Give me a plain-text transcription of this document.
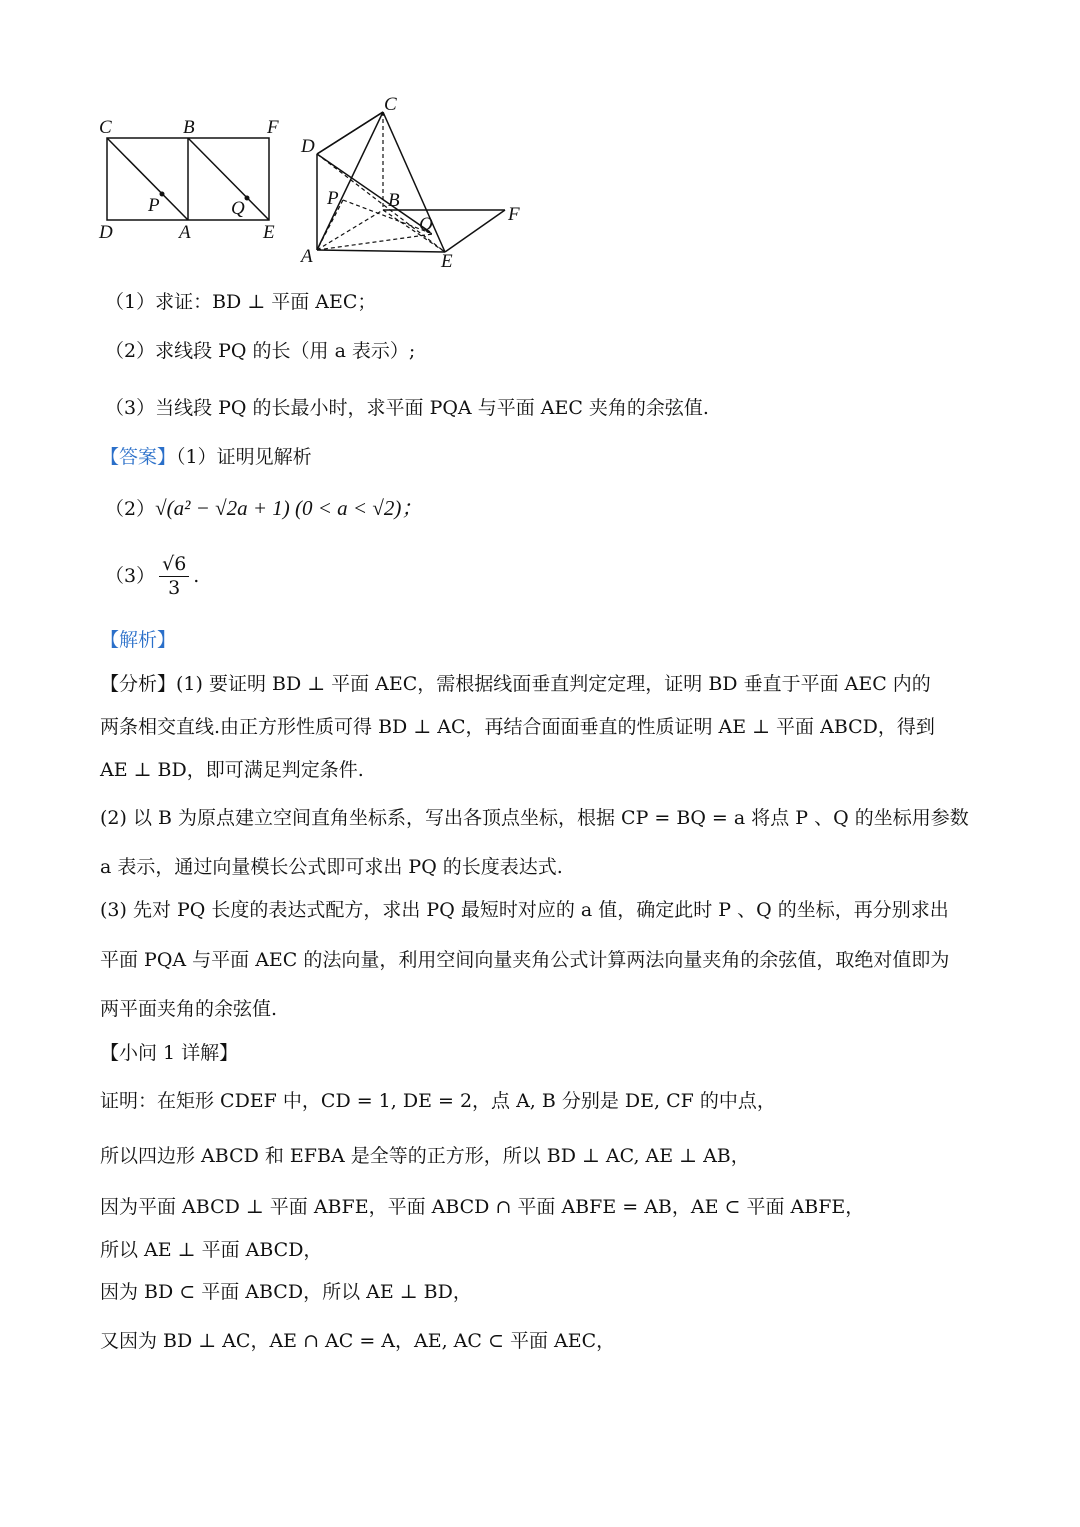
C	B	F
D	A	E
P	Q
C
D
P	B
Q	F
A	E
（1）求证：BD ⊥ 平面 AEC；
（2）求线段 PQ 的长（用 a 表示）;
（3）当线段 PQ 的长最小时，求平面 PQA 与平面 AEC 夹角的余弦值.
【答案】（1）证明见解析
（2）√(a² − √2a + 1) (0 < a < √2)；
$(3) \frac{√6}{3}$ .
【解析】
【分析】(1) 要证明 BD ⊥ 平面 AEC，需根据线面垂直判定定理，证明 BD 垂直于平面 AEC 内的
两条相交直线.由正方形性质可得 BD ⊥ AC，再结合面面垂直的性质证明 AE ⊥ 平面 ABCD，得到
AE ⊥ BD，即可满足判定条件.
(2) 以 B 为原点建立空间直角坐标系，写出各顶点坐标，根据 CP = BQ = a 将点 P 、Q 的坐标用参数
a 表示，通过向量模长公式即可求出 PQ 的长度表达式.
(3) 先对 PQ 长度的表达式配方，求出 PQ 最短时对应的 a 值，确定此时 P 、Q 的坐标，再分别求出
平面 PQA 与平面 AEC 的法向量，利用空间向量夹角公式计算两法向量夹角的余弦值，取绝对值即为
两平面夹角的余弦值.
【小问 1 详解】
证明：在矩形 CDEF 中，CD = 1, DE = 2，点 A, B 分别是 DE, CF 的中点，
所以四边形 ABCD 和 EFBA 是全等的正方形，所以 BD ⊥ AC, AE ⊥ AB，
因为平面 ABCD ⊥ 平面 ABFE，平面 ABCD ∩ 平面 ABFE = AB，AE ⊂ 平面 ABFE，
所以 AE ⊥ 平面 ABCD，
因为 BD ⊂ 平面 ABCD，所以 AE ⊥ BD，
又因为 BD ⊥ AC，AE ∩ AC = A，AE, AC ⊂ 平面 AEC，
